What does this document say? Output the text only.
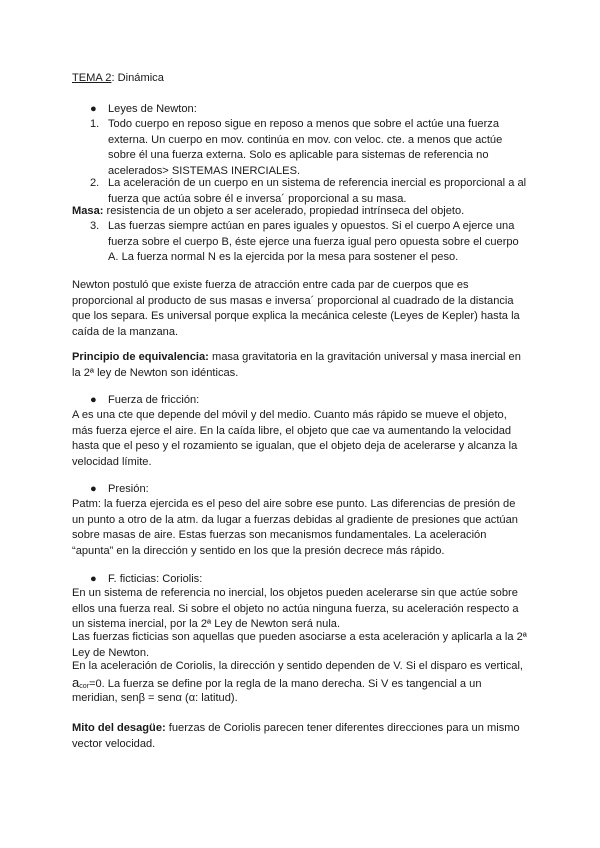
TEMA 2: Dinámica
● Leyes de Newton:
1. Todo cuerpo en reposo sigue en reposo a menos que sobre el actúe una fuerza externa. Un cuerpo en mov. continúa en mov. con veloc. cte. a menos que actúe sobre él una fuerza externa. Solo es aplicable para sistemas de referencia no acelerados> SISTEMAS INERCIALES.
2. La aceleración de un cuerpo en un sistema de referencia inercial es proporcional a al fuerza que actúa sobre él e inversa´ proporcional a su masa.
Masa: resistencia de un objeto a ser acelerado, propiedad intrínseca del objeto.
3. Las fuerzas siempre actúan en pares iguales y opuestos. Si el cuerpo A ejerce una fuerza sobre el cuerpo B, éste ejerce una fuerza igual pero opuesta sobre el cuerpo A. La fuerza normal N es la ejercida por la mesa para sostener el peso.
Newton postuló que existe fuerza de atracción entre cada par de cuerpos que es proporcional al producto de sus masas e inversa´ proporcional al cuadrado de la distancia que los separa. Es universal porque explica la mecánica celeste (Leyes de Kepler) hasta la caída de la manzana.
Principio de equivalencia: masa gravitatoria en la gravitación universal y masa inercial en la 2ª ley de Newton son idénticas.
● Fuerza de fricción:
A es una cte que depende del móvil y del medio. Cuanto más rápido se mueve el objeto, más fuerza ejerce el aire. En la caída libre, el objeto que cae va aumentando la velocidad hasta que el peso y el rozamiento se igualan, que el objeto deja de acelerarse y alcanza la velocidad límite.
● Presión:
Patm: la fuerza ejercida es el peso del aire sobre ese punto. Las diferencias de presión de un punto a otro de la atm. da lugar a fuerzas debidas al gradiente de presiones que actúan sobre masas de aire. Estas fuerzas son mecanismos fundamentales. La aceleración “apunta” en la dirección y sentido en los que la presión decrece más rápido.
● F. ficticias: Coriolis:
En un sistema de referencia no inercial, los objetos pueden acelerarse sin que actúe sobre ellos una fuerza real. Si sobre el objeto no actúa ninguna fuerza, su aceleración respecto a un sistema inercial, por la 2ª Ley de Newton será nula.
Las fuerzas ficticias son aquellas que pueden asociarse a esta aceleración y aplicarla a la 2ª Ley de Newton.
En la aceleración de Coriolis, la dirección y sentido dependen de V. Si el disparo es vertical,
$a_{cor}=0$. La fuerza se define por la regla de la mano derecha. Si V es tangencial a un
meridian, senβ = senα (α: latitud).
Mito del desagüe: fuerzas de Coriolis parecen tener diferentes direcciones para un mismo vector velocidad.
